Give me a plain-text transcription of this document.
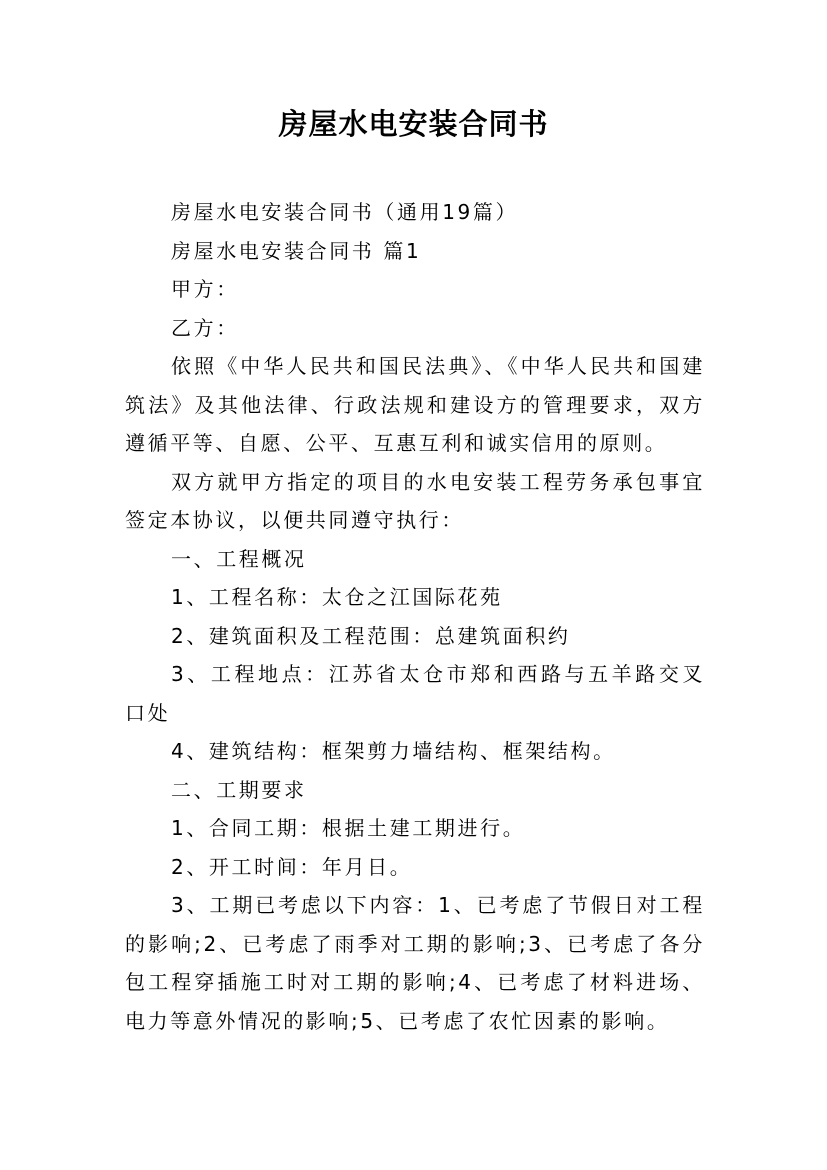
房屋水电安装合同书

房屋水电安装合同书（通用19篇）

房屋水电安装合同书 篇1

甲方：

乙方：

依照《中华人民共和国民法典》、《中华人民共和国建筑法》及其他法律、行政法规和建设方的管理要求，双方遵循平等、自愿、公平、互惠互利和诚实信用的原则。

双方就甲方指定的项目的水电安装工程劳务承包事宜签定本协议，以便共同遵守执行：

一、工程概况

1、工程名称：太仓之江国际花苑

2、建筑面积及工程范围：总建筑面积约

3、工程地点：江苏省太仓市郑和西路与五羊路交叉口处

4、建筑结构：框架剪力墙结构、框架结构。

二、工期要求

1、合同工期：根据土建工期进行。

2、开工时间：年月日。

3、工期已考虑以下内容：1、已考虑了节假日对工程的影响;2、已考虑了雨季对工期的影响;3、已考虑了各分包工程穿插施工时对工期的影响;4、已考虑了材料进场、电力等意外情况的影响;5、已考虑了农忙因素的影响。
